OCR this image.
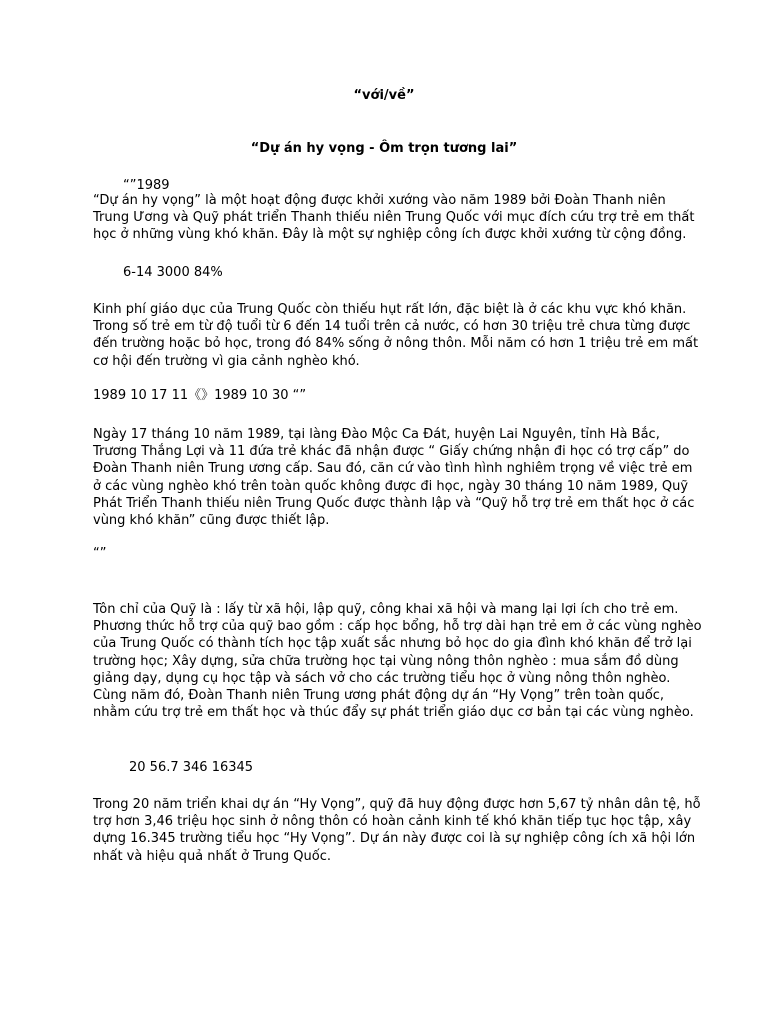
“với/về”
“Dự án hy vọng - Ôm trọn tương lai”
“”1989
“Dự án hy vọng” là một hoạt động được khởi xướng vào năm 1989 bởi Đoàn Thanh niên Trung Ương và Quỹ phát triển Thanh thiếu niên Trung Quốc với mục đích cứu trợ trẻ em thất học ở những vùng khó khăn. Đây là một sự nghiệp công ích được khởi xướng từ cộng đồng.
6-14 3000 84%
Kinh phí giáo dục của Trung Quốc còn thiếu hụt rất lớn, đặc biệt là ở các khu vực khó khăn. Trong số trẻ em từ độ tuổi từ 6 đến 14 tuổi trên cả nước, có hơn 30 triệu trẻ chưa từng được đến trường hoặc bỏ học, trong đó 84% sống ở nông thôn. Mỗi năm có hơn 1 triệu trẻ em mất cơ hội đến trường vì gia cảnh nghèo khó.
1989 10 17 11《》1989 10 30 “”
Ngày 17 tháng 10 năm 1989, tại làng Đào Mộc Ca Đát, huyện Lai Nguyên, tỉnh Hà Bắc, Trương Thắng Lợi và 11 đứa trẻ khác đã nhận được “ Giấy chứng nhận đi học có trợ cấp” do Đoàn Thanh niên Trung ương cấp. Sau đó, căn cứ vào tình hình nghiêm trọng về việc trẻ em ở các vùng nghèo khó trên toàn quốc không được đi học, ngày 30 tháng 10 năm 1989, Quỹ Phát Triển Thanh thiếu niên Trung Quốc được thành lập và “Quỹ hỗ trợ trẻ em thất học ở các vùng khó khăn” cũng được thiết lập.
“”
Tôn chỉ của Quỹ là : lấy từ xã hội, lập quỹ, công khai xã hội và mang lại lợi ích cho trẻ em. Phương thức hỗ trợ của quỹ bao gồm : cấp học bổng, hỗ trợ dài hạn trẻ em ở các vùng nghèo của Trung Quốc có thành tích học tập xuất sắc nhưng bỏ học do gia đình khó khăn để trở lại trường học; Xây dựng, sửa chữa trường học tại vùng nông thôn nghèo : mua sắm đồ dùng giảng dạy, dụng cụ học tập và sách vở cho các trường tiểu học ở vùng nông thôn nghèo. Cùng năm đó, Đoàn Thanh niên Trung ương phát động dự án “Hy Vọng” trên toàn quốc, nhằm cứu trợ trẻ em thất học và thúc đẩy sự phát triển giáo dục cơ bản tại các vùng nghèo.
20 56.7 346 16345
Trong 20 năm triển khai dự án “Hy Vọng”, quỹ đã huy động được hơn 5,67 tỷ nhân dân tệ, hỗ trợ hơn 3,46 triệu học sinh ở nông thôn có hoàn cảnh kinh tế khó khăn tiếp tục học tập, xây dựng 16.345 trường tiểu học “Hy Vọng”. Dự án này được coi là sự nghiệp công ích xã hội lớn nhất và hiệu quả nhất ở Trung Quốc.
